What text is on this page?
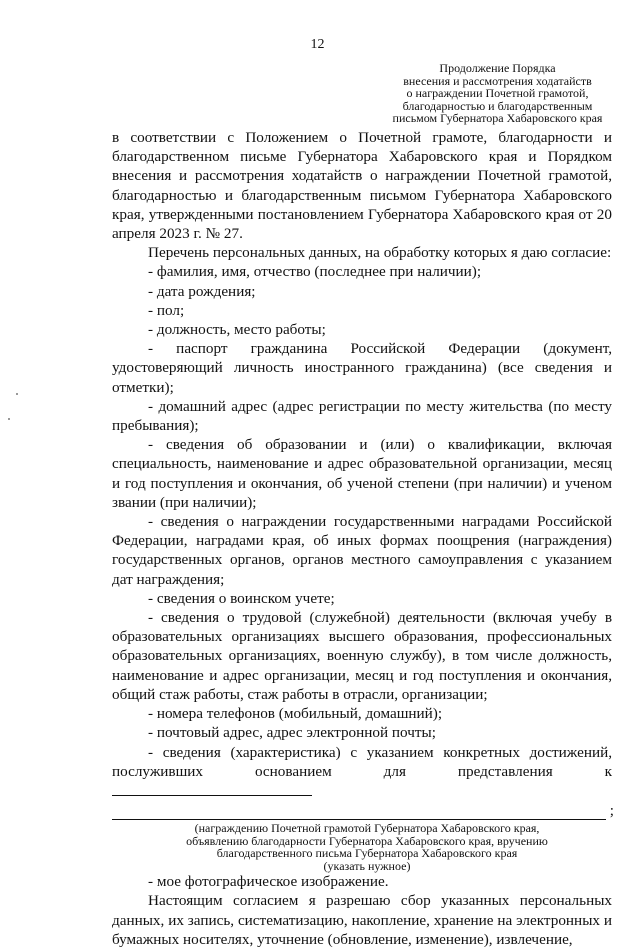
12
Продолжение Порядка
внесения и рассмотрения ходатайств
о награждении Почетной грамотой,
благодарностью и благодарственным
письмом Губернатора Хабаровского края

в соответствии с Положением о Почетной грамоте, благодарности и благодарственном письме Губернатора Хабаровского края и Порядком внесения и рассмотрения ходатайств о награждении Почетной грамотой, благодарностью и благодарственным письмом Губернатора Хабаровского края, утвержденными постановлением Губернатора Хабаровского края от 20 апреля 2023 г. № 27.

Перечень персональных данных, на обработку которых я даю согласие:

- фамилия, имя, отчество (последнее при наличии);

- дата рождения;

- пол;

- должность, место работы;

- паспорт гражданина Российской Федерации (документ, удостоверяющий личность иностранного гражданина) (все сведения и отметки);

- домашний адрес (адрес регистрации по месту жительства (по месту пребывания);

- сведения об образовании и (или) о квалификации, включая специальность, наименование и адрес образовательной организации, месяц и год поступления и окончания, об ученой степени (при наличии) и ученом звании (при наличии);

- сведения о награждении государственными наградами Российской Федерации, наградами края, об иных формах поощрения (награждения) государственных органов, органов местного самоуправления с указанием дат награждения;

- сведения о воинском учете;

- сведения о трудовой (служебной) деятельности (включая учебу в образовательных организациях высшего образования, профессиональных образовательных организациях, военную службу), в том числе должность, наименование и адрес организации, месяц и год поступления и окончания, общий стаж работы, стаж работы в отрасли, организации;

- номера телефонов (мобильный, домашний);

- почтовый адрес, адрес электронной почты;

- сведения (характеристика) с указанием конкретных достижений, послуживших основанием для представления к

;
(награждению Почетной грамотой Губернатора Хабаровского края,
объявлению благодарности Губернатора Хабаровского края, вручению
благодарственного письма Губернатора Хабаровского края
(указать нужное)

- мое фотографическое изображение.

Настоящим согласием я разрешаю сбор указанных персональных данных, их запись, систематизацию, накопление, хранение на электронных и бумажных носителях, уточнение (обновление, изменение), извлечение,
